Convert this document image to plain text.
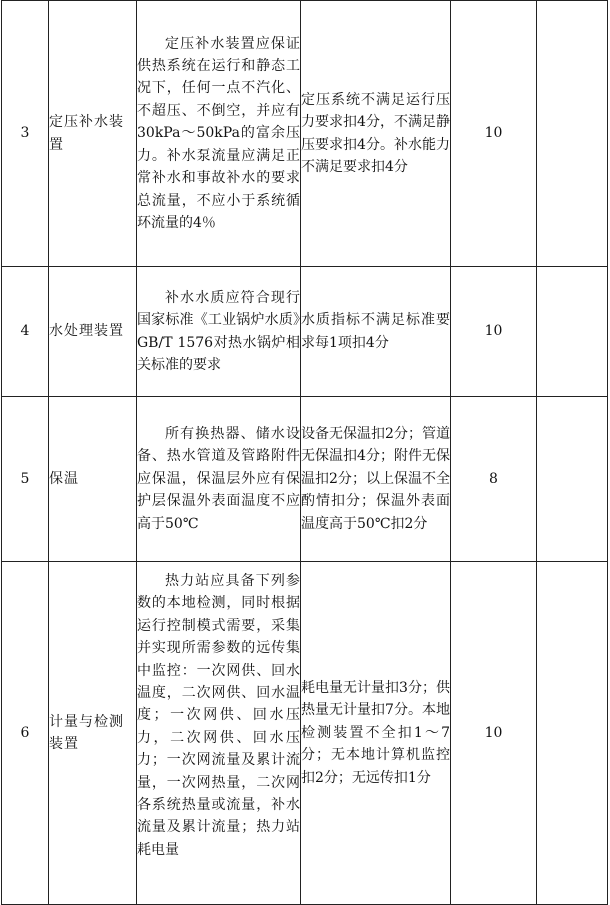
3	定压补水装置	定压补水装置应保证供热系统在运行和静态工况下，任何一点不汽化、不超压、不倒空，并应有30kPa～50kPa的富余压力。补水泵流量应满足正常补水和事故补水的要求总流量，不应小于系统循环流量的4％	定压系统不满足运行压力要求扣4分，不满足静压要求扣4分。补水能力不满足要求扣4分	10	
4	水处理装置	补水水质应符合现行国家标准《工业锅炉水质》GB/T 1576对热水锅炉相关标准的要求	水质指标不满足标准要求每1项扣4分	10	
5	保温	所有换热器、储水设备、热水管道及管路附件应保温，保温层外应有保护层保温外表面温度不应高于50℃	设备无保温扣2分；管道无保温扣4分；附件无保温扣2分；以上保温不全酌情扣分；保温外表面温度高于50℃扣2分	8	
6	计量与检测装置	热力站应具备下列参数的本地检测，同时根据运行控制模式需要，采集并实现所需参数的远传集中监控：一次网供、回水温度，二次网供、回水温度；一次网供、回水压力，二次网供、回水压力；一次网流量及累计流量，一次网热量，二次网各系统热量或流量，补水流量及累计流量；热力站耗电量	耗电量无计量扣3分；供热量无计量扣7分。本地检测装置不全扣1～7分；无本地计算机监控扣2分；无远传扣1分	10	
